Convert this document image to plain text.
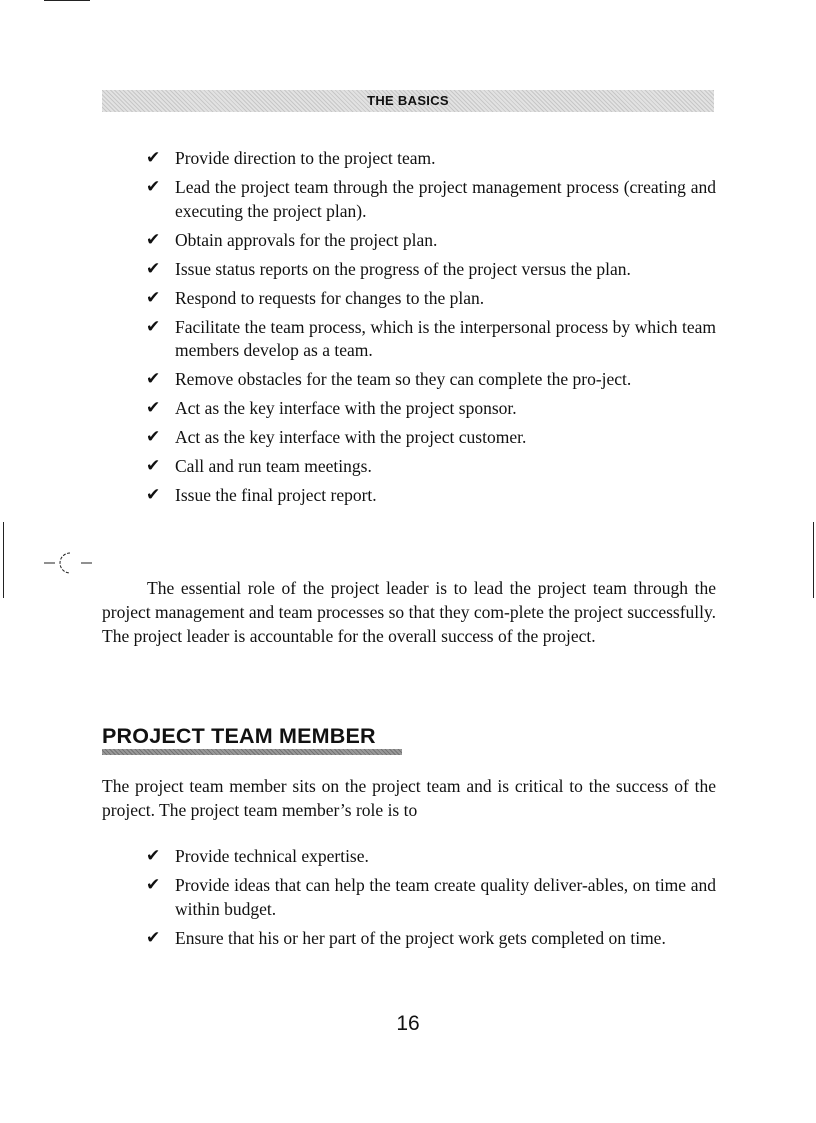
THE BASICS
✔ Provide direction to the project team.
✔ Lead the project team through the project management process (creating and executing the project plan).
✔ Obtain approvals for the project plan.
✔ Issue status reports on the progress of the project versus the plan.
✔ Respond to requests for changes to the plan.
✔ Facilitate the team process, which is the interpersonal process by which team members develop as a team.
✔ Remove obstacles for the team so they can complete the pro-ject.
✔ Act as the key interface with the project sponsor.
✔ Act as the key interface with the project customer.
✔ Call and run team meetings.
✔ Issue the final project report.

The essential role of the project leader is to lead the project team through the project management and team processes so that they com-plete the project successfully. The project leader is accountable for the overall success of the project.

PROJECT TEAM MEMBER

The project team member sits on the project team and is critical to the success of the project. The project team member’s role is to

✔ Provide technical expertise.
✔ Provide ideas that can help the team create quality deliver-ables, on time and within budget.
✔ Ensure that his or her part of the project work gets completed on time.
16
